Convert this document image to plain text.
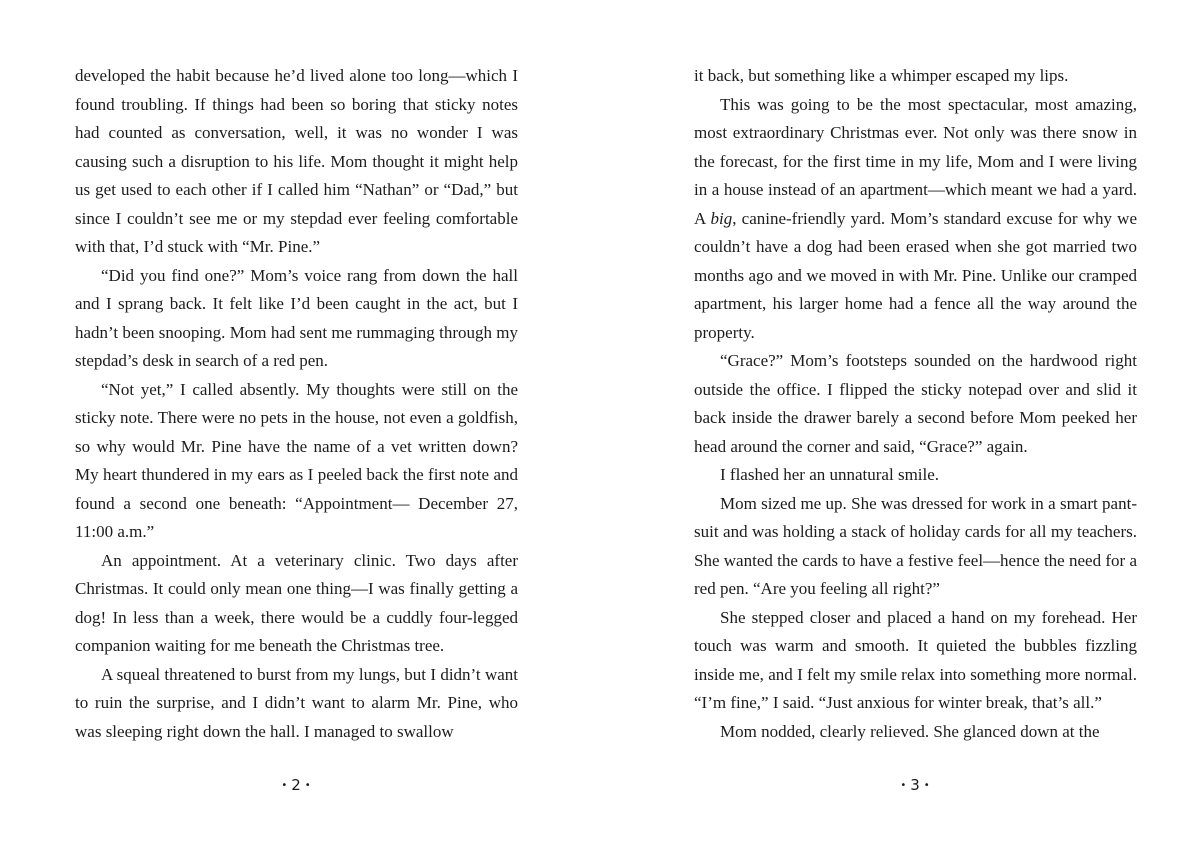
developed the habit because he’d lived alone too long—which I found troubling. If things had been so boring that sticky notes had counted as conversation, well, it was no wonder I was causing such a disruption to his life. Mom thought it might help us get used to each other if I called him “Nathan” or “Dad,” but since I couldn’t see me or my stepdad ever feeling comfortable with that, I’d stuck with “Mr. Pine.”

“Did you find one?” Mom’s voice rang from down the hall and I sprang back. It felt like I’d been caught in the act, but I hadn’t been snooping. Mom had sent me rummaging through my stepdad’s desk in search of a red pen.

“Not yet,” I called absently. My thoughts were still on the sticky note. There were no pets in the house, not even a goldfish, so why would Mr. Pine have the name of a vet written down? My heart thundered in my ears as I peeled back the first note and found a second one beneath: “Appointment— December 27, 11:00 a.m.”

An appointment. At a veterinary clinic. Two days after Christmas. It could only mean one thing—I was finally getting a dog! In less than a week, there would be a cuddly four-legged companion waiting for me beneath the Christmas tree.

A squeal threatened to burst from my lungs, but I didn’t want to ruin the surprise, and I didn’t want to alarm Mr. Pine, who was sleeping right down the hall. I managed to swallow

it back, but something like a whimper escaped my lips.

This was going to be the most spectacular, most amazing, most extraordinary Christmas ever. Not only was there snow in the forecast, for the first time in my life, Mom and I were living in a house instead of an apartment—which meant we had a yard. A big, canine-friendly yard. Mom’s standard excuse for why we couldn’t have a dog had been erased when she got married two months ago and we moved in with Mr. Pine. Unlike our cramped apartment, his larger home had a fence all the way around the property.

“Grace?” Mom’s footsteps sounded on the hardwood right outside the office. I flipped the sticky notepad over and slid it back inside the drawer barely a second before Mom peeked her head around the corner and said, “Grace?” again.

I flashed her an unnatural smile.

Mom sized me up. She was dressed for work in a smart pantsuit and was holding a stack of holiday cards for all my teachers. She wanted the cards to have a festive feel—hence the need for a red pen. “Are you feeling all right?”

She stepped closer and placed a hand on my forehead. Her touch was warm and smooth. It quieted the bubbles fizzling inside me, and I felt my smile relax into something more normal. “I’m fine,” I said. “Just anxious for winter break, that’s all.”

Mom nodded, clearly relieved. She glanced down at the

• 2 •	• 3 •
